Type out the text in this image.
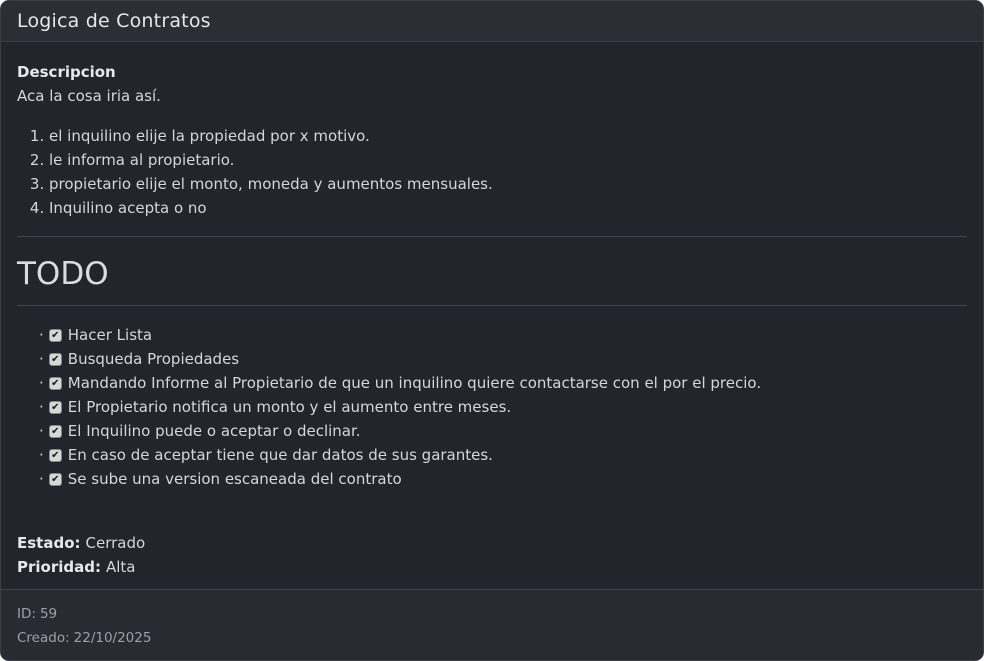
Logica de Contratos

Descripcion

Aca la cosa iria así.

1. el inquilino elije la propiedad por x motivo.
2. le informa al propietario.
3. propietario elije el monto, moneda y aumentos mensuales.
4. Inquilino acepta o no
TODO
✔
· Hacer Lista
✔
· Busqueda Propiedades
✔
· Mandando Informe al Propietario de que un inquilino quiere contactarse con el por el precio.
✔
· El Propietario notifica un monto y el aumento entre meses.
✔
· El Inquilino puede o aceptar o declinar.
✔
· En caso de aceptar tiene que dar datos de sus garantes.
✔
· Se sube una version escaneada del contrato

Estado: Cerrado

Prioridad: Alta

ID: 59

Creado: 22/10/2025
